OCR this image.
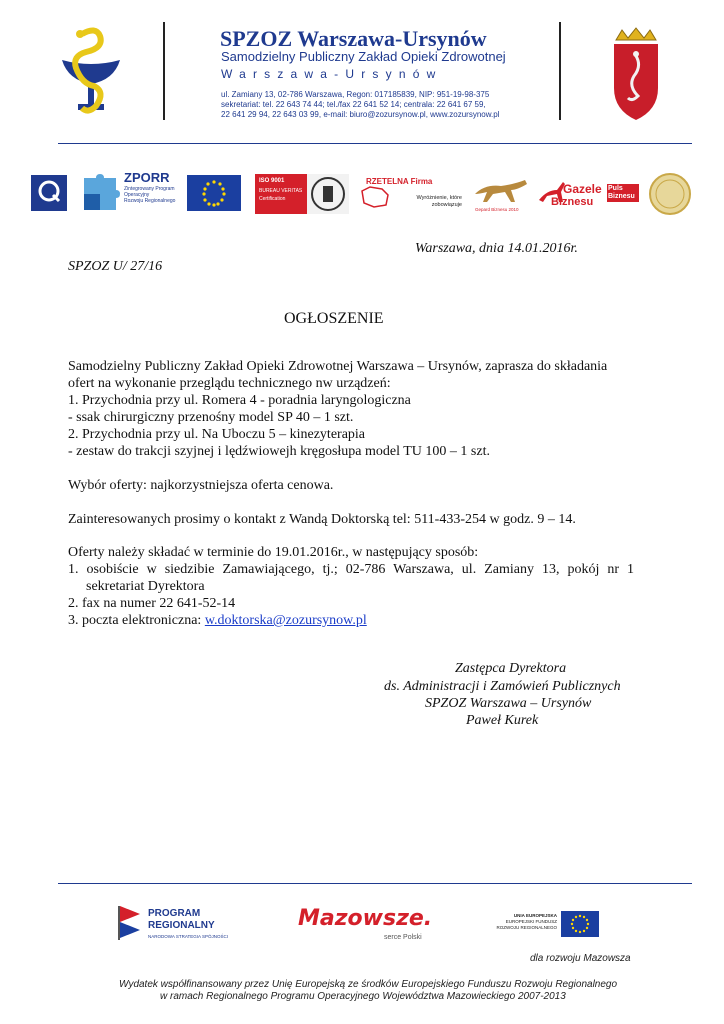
SPZOZ Warszawa-Ursynów
Samodzielny Publiczny Zakład Opieki Zdrowotnej
Warszawa-Ursynów
ul. Zamiany 13, 02-786 Warszawa, Regon: 017185839, NIP: 951-19-98-375
sekretariat: tel. 22 643 74 44; tel./fax 22 641 52 14; centrala: 22 641 67 59,
22 641 29 94, 22 643 03 99, e-mail: biuro@zozursynow.pl, www.zozursynow.pl
ZPORR
Zintegrowany Program
Operacyjny
Rozwoju Regionalnego
ISO 9001
BUREAU VERITAS
Certification
RZETELNA Firma
Wyróżnienie, które
zobowiązuje
Gepard Biznesu 2010
Gazele
Biznesu
Puls Biznesu
Warszawa, dnia 14.01.2016r.
SPZOZ U/ 27/16
OGŁOSZENIE
Samodzielny Publiczny Zakład Opieki Zdrowotnej Warszawa – Ursynów, zaprasza do składania
ofert na wykonanie przeglądu technicznego nw urządzeń:
1. Przychodnia przy ul. Romera 4 - poradnia laryngologiczna
- ssak chirurgiczny przenośny model SP 40 – 1 szt.
2. Przychodnia przy ul. Na Uboczu 5 – kinezyterapia
- zestaw do trakcji szyjnej i lędźwiowejh kręgosłupa model TU 100 – 1 szt.
Wybór oferty: najkorzystniejsza oferta cenowa.
Zainteresowanych prosimy o kontakt z Wandą Doktorską tel: 511-433-254 w godz. 9 – 14.
Oferty należy składać w terminie do 19.01.2016r., w następujący sposób:
1. osobiście w siedzibie Zamawiającego, tj.; 02-786 Warszawa, ul. Zamiany 13, pokój nr 1
sekretariat Dyrektora
2. fax na numer 22 641-52-14
3. poczta elektroniczna: w.doktorska@zozursynow.pl
Zastępca Dyrektora
ds. Administracji i Zamówień Publicznych
SPZOZ Warszawa – Ursynów
Paweł Kurek
PROGRAM
REGIONALNY
NARODOWA STRATEGIA SPÓJNOŚCI
Mazowsze.
serce Polski
UNIA EUROPEJSKA
EUROPEJSKI FUNDUSZ
ROZWOJU REGIONALNEGO
dla rozwoju Mazowsza
Wydatek współfinansowany przez Unię Europejską ze środków Europejskiego Funduszu Rozwoju Regionalnego
w ramach Regionalnego Programu Operacyjnego Województwa Mazowieckiego 2007-2013
